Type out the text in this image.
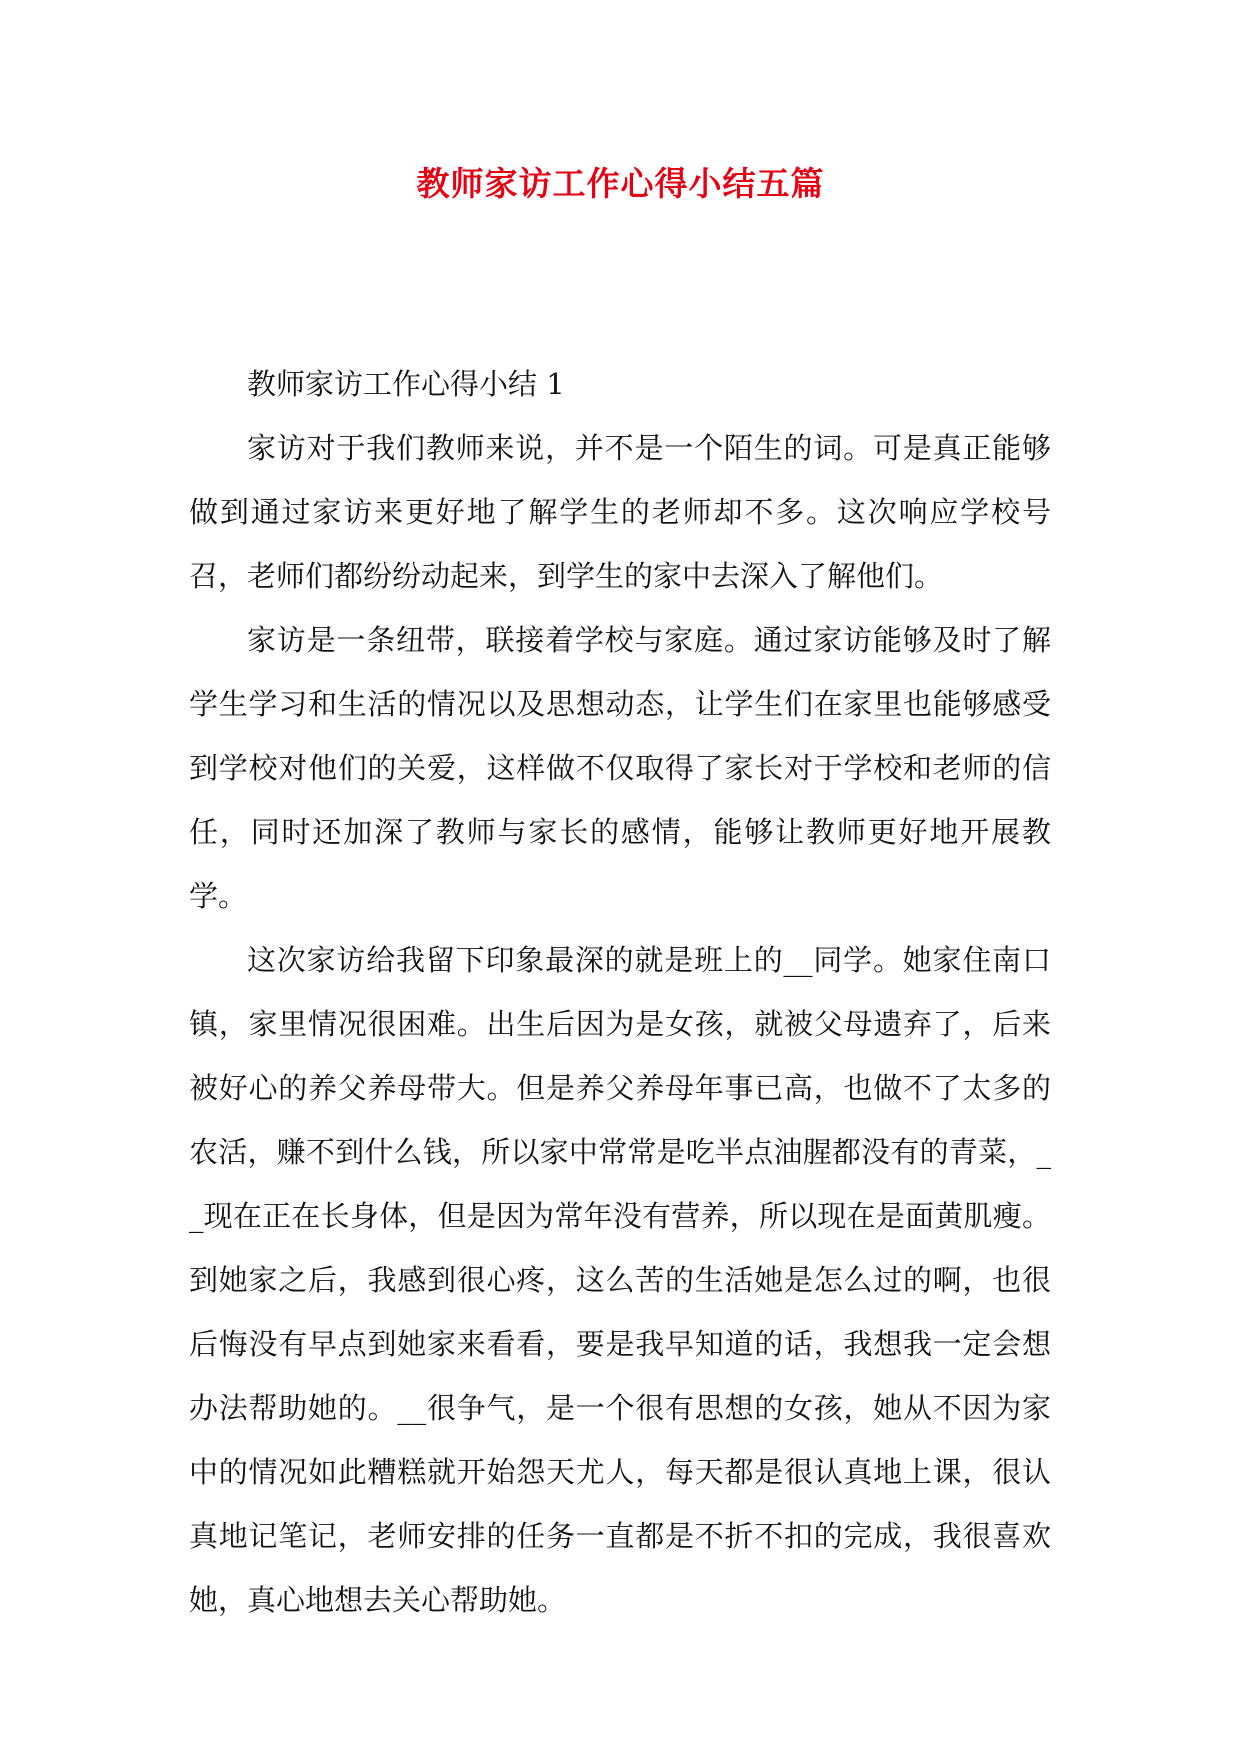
教师家访工作心得小结五篇

教师家访工作心得小结 1

家访对于我们教师来说，并不是一个陌生的词。可是真正能够做到通过家访来更好地了解学生的老师却不多。这次响应学校号召，老师们都纷纷动起来，到学生的家中去深入了解他们。

家访是一条纽带，联接着学校与家庭。通过家访能够及时了解学生学习和生活的情况以及思想动态，让学生们在家里也能够感受到学校对他们的关爱，这样做不仅取得了家长对于学校和老师的信任，同时还加深了教师与家长的感情，能够让教师更好地开展教学。

这次家访给我留下印象最深的就是班上的__同学。她家住南口镇，家里情况很困难。出生后因为是女孩，就被父母遗弃了，后来被好心的养父养母带大。但是养父养母年事已高，也做不了太多的农活，赚不到什么钱，所以家中常常是吃半点油腥都没有的青菜，__现在正在长身体，但是因为常年没有营养，所以现在是面黄肌瘦。到她家之后，我感到很心疼，这么苦的生活她是怎么过的啊，也很后悔没有早点到她家来看看，要是我早知道的话，我想我一定会想办法帮助她的。__很争气，是一个很有思想的女孩，她从不因为家中的情况如此糟糕就开始怨天尤人，每天都是很认真地上课，很认真地记笔记，老师安排的任务一直都是不折不扣的完成，我很喜欢她，真心地想去关心帮助她。
